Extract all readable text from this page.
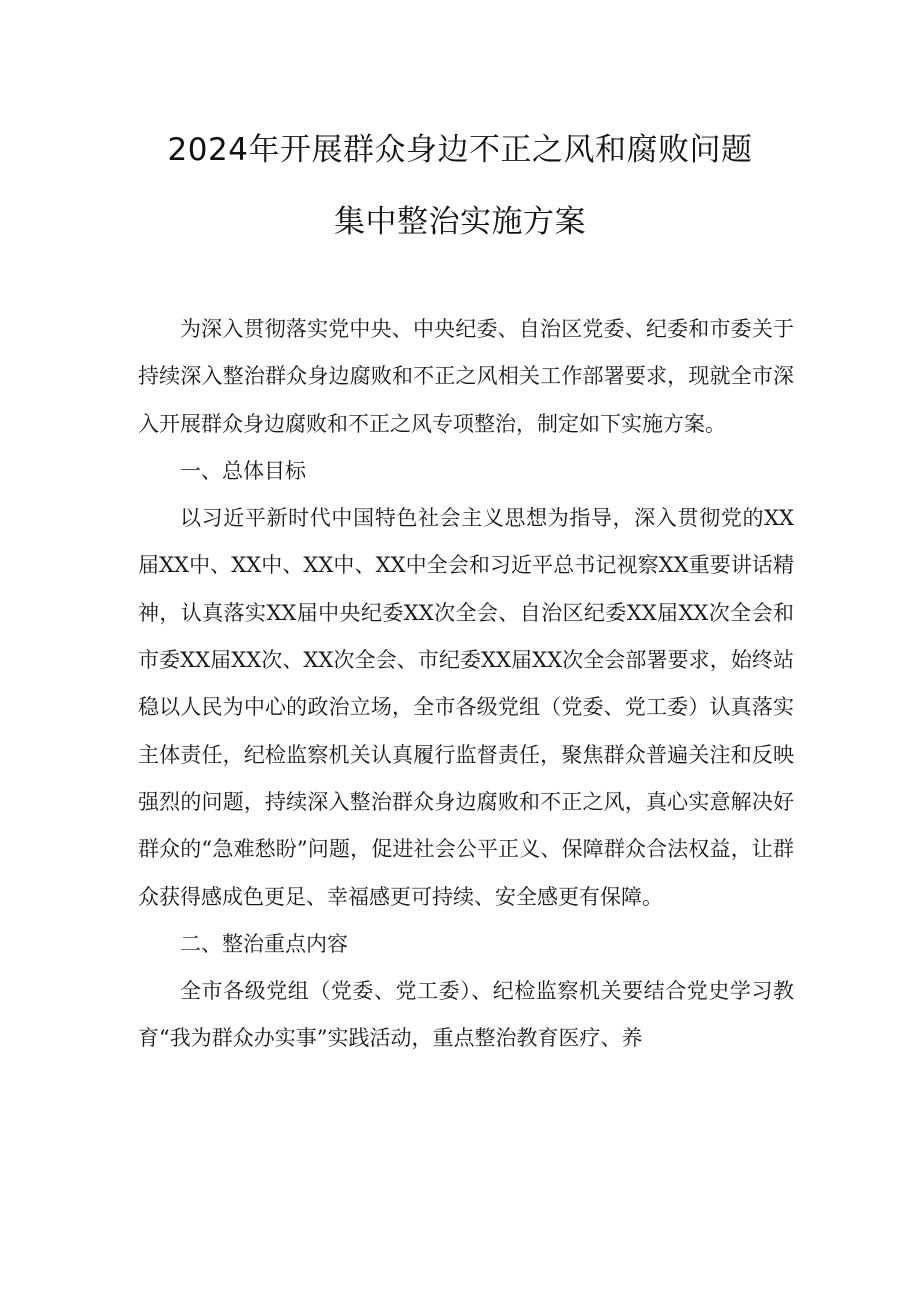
2024年开展群众身边不正之风和腐败问题
集中整治实施方案

为深入贯彻落实党中央、中央纪委、自治区党委、纪委和市委关于持续深入整治群众身边腐败和不正之风相关工作部署要求，现就全市深入开展群众身边腐败和不正之风专项整治，制定如下实施方案。

一、总体目标

以习近平新时代中国特色社会主义思想为指导，深入贯彻党的XX届XX中、XX中、XX中、XX中全会和习近平总书记视察XX重要讲话精神，认真落实XX届中央纪委XX次全会、自治区纪委XX届XX次全会和市委XX届XX次、XX次全会、市纪委XX届XX次全会部署要求，始终站稳以人民为中心的政治立场，全市各级党组（党委、党工委）认真落实主体责任，纪检监察机关认真履行监督责任，聚焦群众普遍关注和反映强烈的问题，持续深入整治群众身边腐败和不正之风，真心实意解决好群众的“急难愁盼”问题，促进社会公平正义、保障群众合法权益，让群众获得感成色更足、幸福感更可持续、安全感更有保障。

二、整治重点内容

全市各级党组（党委、党工委）、纪检监察机关要结合党史学习教育“我为群众办实事”实践活动，重点整治教育医疗、养
